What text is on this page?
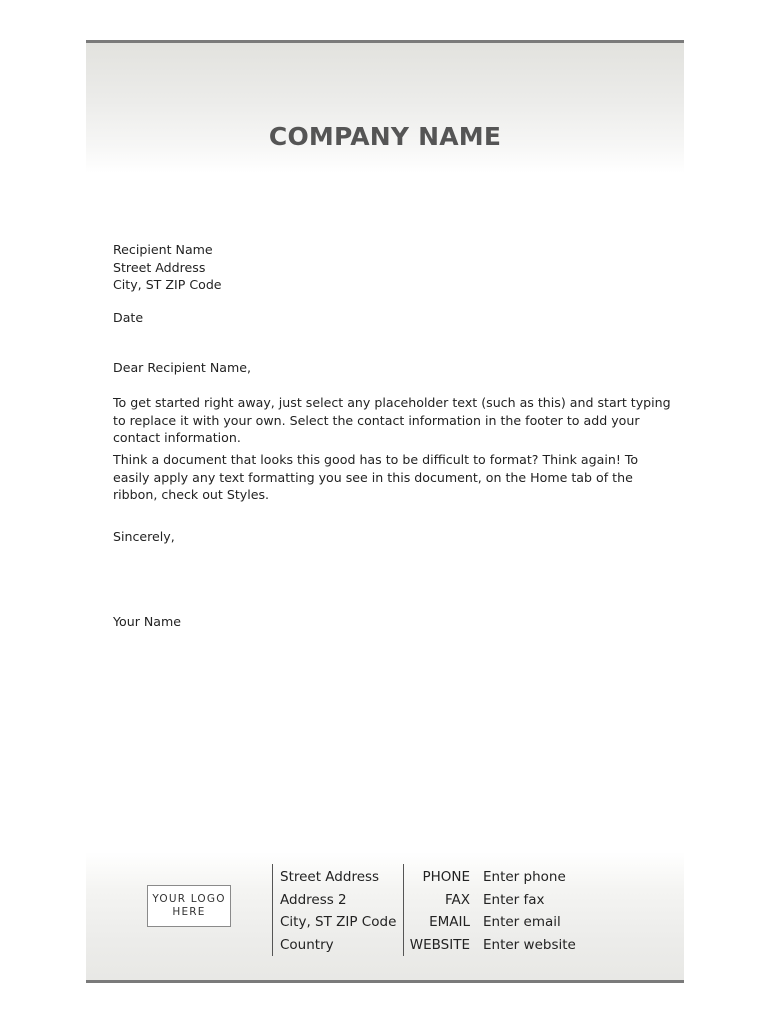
COMPANY NAME
Recipient Name
Street Address
City, ST ZIP Code
Date
Dear Recipient Name,
To get started right away, just select any placeholder text (such as this) and start typing
to replace it with your own. Select the contact information in the footer to add your
contact information.
Think a document that looks this good has to be difficult to format? Think again! To
easily apply any text formatting you see in this document, on the Home tab of the
ribbon, check out Styles.
Sincerely,
Your Name
YOUR LOGO
HERE
Street Address
Address 2
City, ST ZIP Code
Country
PHONE
FAX
EMAIL
WEBSITE
Enter phone
Enter fax
Enter email
Enter website
